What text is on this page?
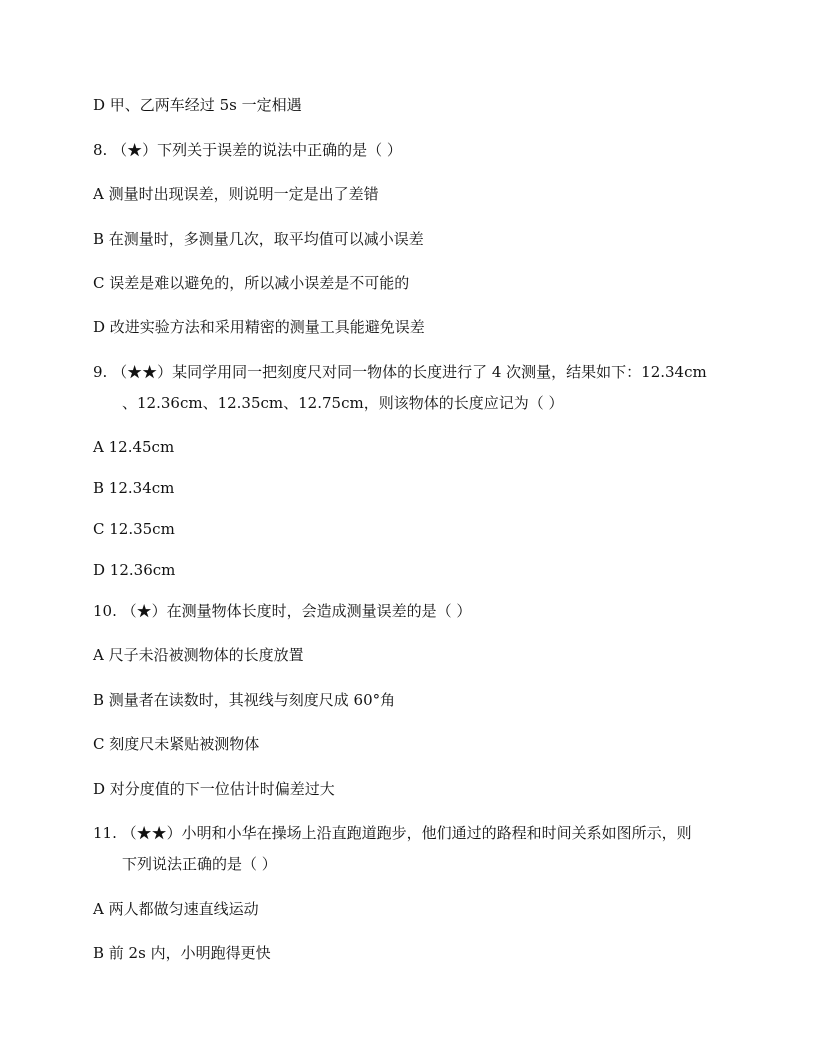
D 甲、乙两车经过 5s 一定相遇
8. （★）下列关于误差的说法中正确的是（ ）
A 测量时出现误差，则说明一定是出了差错
B 在测量时，多测量几次，取平均值可以减小误差
C 误差是难以避免的，所以减小误差是不可能的
D 改进实验方法和采用精密的测量工具能避免误差
9. （★★）某同学用同一把刻度尺对同一物体的长度进行了 4 次测量，结果如下：12.34cm
、12.36cm、12.35cm、12.75cm，则该物体的长度应记为（ ）
A 12.45cm
B 12.34cm
C 12.35cm
D 12.36cm
10. （★）在测量物体长度时，会造成测量误差的是（ ）
A 尺子未沿被测物体的长度放置
B 测量者在读数时，其视线与刻度尺成 60°角
C 刻度尺未紧贴被测物体
D 对分度值的下一位估计时偏差过大
11. （★★）小明和小华在操场上沿直跑道跑步，他们通过的路程和时间关系如图所示，则
下列说法正确的是（ ）
A 两人都做匀速直线运动
B 前 2s 内，小明跑得更快
